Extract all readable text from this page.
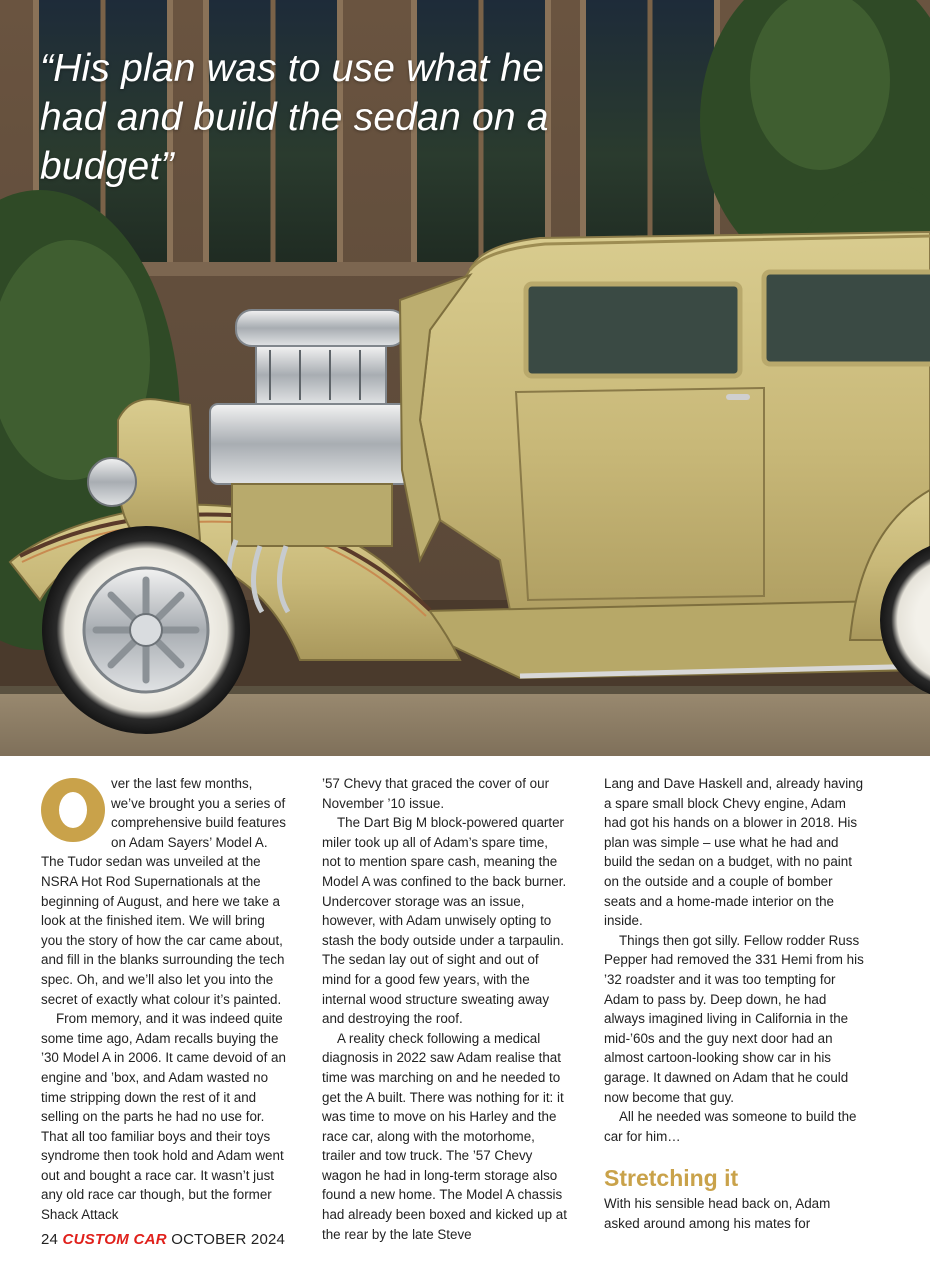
“His plan was to use what he had and build the sedan on a budget”

ver the last few months, we’ve brought you a series of comprehensive build features on Adam Sayers’ Model A. The Tudor sedan was unveiled at the NSRA Hot Rod Supernationals at the beginning of August, and here we take a look at the finished item. We will bring you the story of how the car came about, and fill in the blanks surrounding the tech spec. Oh, and we’ll also let you into the secret of exactly what colour it’s painted.

From memory, and it was indeed quite some time ago, Adam recalls buying the ’30 Model A in 2006. It came devoid of an engine and ’box, and Adam wasted no time stripping down the rest of it and selling on the parts he had no use for. That all too familiar boys and their toys syndrome then took hold and Adam went out and bought a race car. It wasn’t just any old race car though, but the former Shack Attack

’57 Chevy that graced the cover of our November ’10 issue.

The Dart Big M block-powered quarter miler took up all of Adam’s spare time, not to mention spare cash, meaning the Model A was confined to the back burner. Undercover storage was an issue, however, with Adam unwisely opting to stash the body outside under a tarpaulin. The sedan lay out of sight and out of mind for a good few years, with the internal wood structure sweating away and destroying the roof.

A reality check following a medical diagnosis in 2022 saw Adam realise that time was marching on and he needed to get the A built. There was nothing for it: it was time to move on his Harley and the race car, along with the motorhome, trailer and tow truck. The ’57 Chevy wagon he had in long-term storage also found a new home. The Model A chassis had already been boxed and kicked up at the rear by the late Steve

Lang and Dave Haskell and, already having a spare small block Chevy engine, Adam had got his hands on a blower in 2018. His plan was simple – use what he had and build the sedan on a budget, with no paint on the outside and a couple of bomber seats and a home-made interior on the inside.

Things then got silly. Fellow rodder Russ Pepper had removed the 331 Hemi from his ’32 roadster and it was too tempting for Adam to pass by. Deep down, he had always imagined living in California in the mid-’60s and the guy next door had an almost cartoon-looking show car in his garage. It dawned on Adam that he could now become that guy.

All he needed was someone to build the car for him…

Stretching it

With his sensible head back on, Adam asked around among his mates for

24 CUSTOM CAR OCTOBER 2024
